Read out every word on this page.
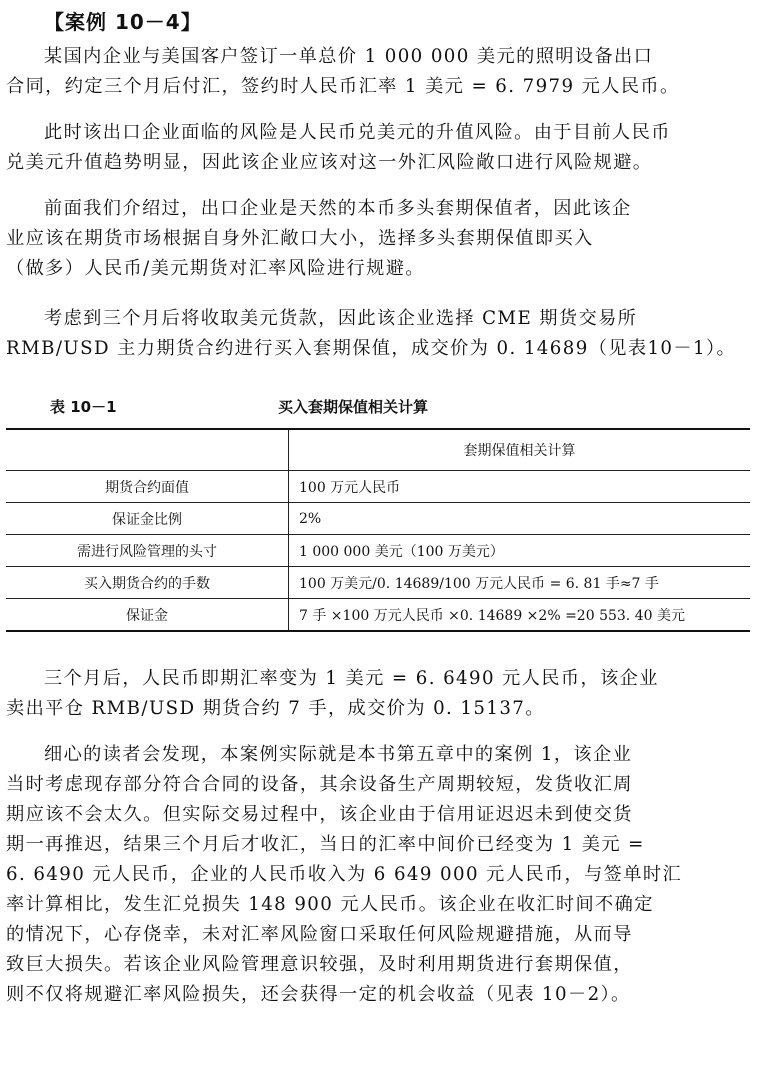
【案例 10－4】

某国内企业与美国客户签订一单总价 1 000 000 美元的照明设备出口
合同，约定三个月后付汇，签约时人民币汇率 1 美元 = 6. 7979 元人民币。

此时该出口企业面临的风险是人民币兑美元的升值风险。由于目前人民币
兑美元升值趋势明显，因此该企业应该对这一外汇风险敞口进行风险规避。

前面我们介绍过，出口企业是天然的本币多头套期保值者，因此该企
业应该在期货市场根据自身外汇敞口大小，选择多头套期保值即买入
（做多）人民币/美元期货对汇率风险进行规避。

考虑到三个月后将收取美元货款，因此该企业选择 CME 期货交易所
RMB/USD 主力期货合约进行买入套期保值，成交价为 0. 14689（见表10－1）。

表 10－1	买入套期保值相关计算
	套期保值相关计算
期货合约面值	100 万元人民币
保证金比例	2%
需进行风险管理的头寸	1 000 000 美元（100 万美元）
买入期货合约的手数	100 万美元/0. 14689/100 万元人民币 = 6. 81 手≈7 手
保证金	7 手 ×100 万元人民币 ×0. 14689 ×2% =20 553. 40 美元

三个月后，人民币即期汇率变为 1 美元 = 6. 6490 元人民币，该企业
卖出平仓 RMB/USD 期货合约 7 手，成交价为 0. 15137。

细心的读者会发现，本案例实际就是本书第五章中的案例 1，该企业
当时考虑现存部分符合合同的设备，其余设备生产周期较短，发货收汇周
期应该不会太久。但实际交易过程中，该企业由于信用证迟迟未到使交货
期一再推迟，结果三个月后才收汇，当日的汇率中间价已经变为 1 美元 =
6. 6490 元人民币，企业的人民币收入为 6 649 000 元人民币，与签单时汇
率计算相比，发生汇兑损失 148 900 元人民币。该企业在收汇时间不确定
的情况下，心存侥幸，未对汇率风险窗口采取任何风险规避措施，从而导
致巨大损失。若该企业风险管理意识较强，及时利用期货进行套期保值，
则不仅将规避汇率风险损失，还会获得一定的机会收益（见表 10－2）。
